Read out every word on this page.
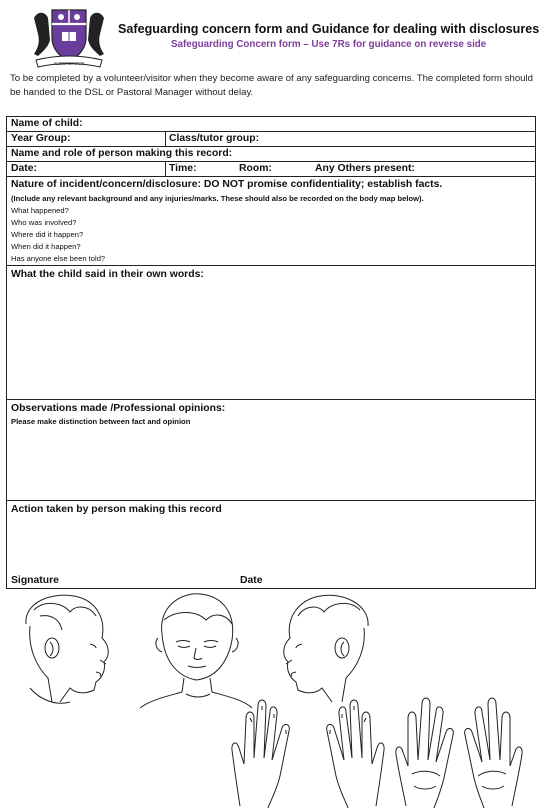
ALDERBROOK
Safeguarding concern form and Guidance for dealing with disclosures
Safeguarding Concern form – Use 7Rs for guidance on reverse side
To be completed by a volunteer/visitor when they become aware of any safeguarding concerns. The completed form should be handed to the DSL or Pastoral Manager without delay.
Name of child:
Year Group:	Class/tutor group:
Name and role of person making this record:
Date:	Time:	Room:	Any Others present:
Nature of incident/concern/disclosure: DO NOT promise confidentiality; establish facts.
(Include any relevant background and any injuries/marks. These should also be recorded on the body map below).
What happened?
Who was involved?
Where did it happen?
When did it happen?
Has anyone else been told?
What the child said in their own words:
Observations made /Professional opinions:
Please make distinction between fact and opinion
Action taken by person making this record
Signature	Date
